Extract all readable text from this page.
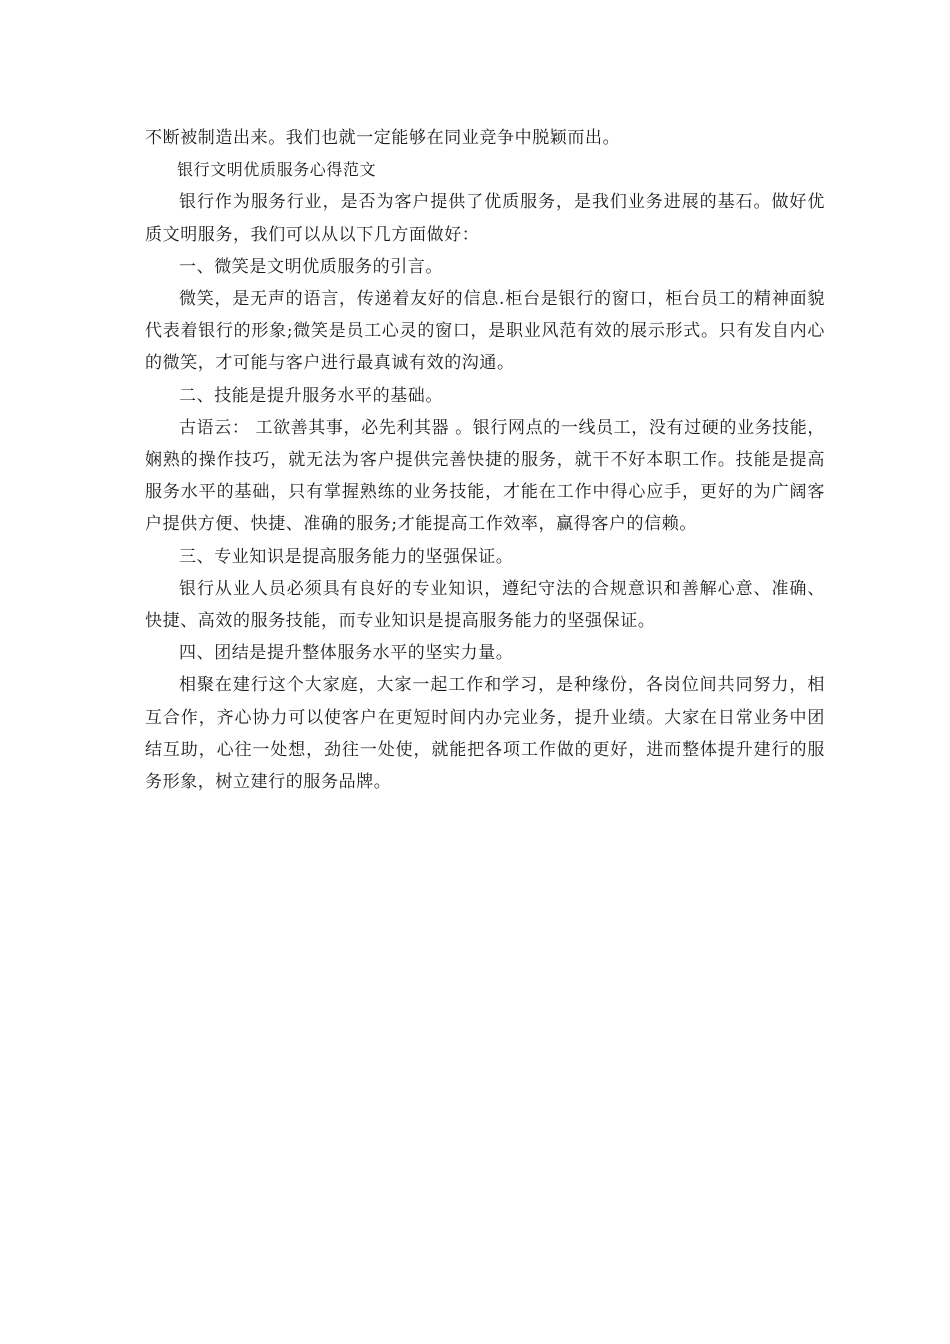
不断被制造出来。我们也就一定能够在同业竞争中脱颖而出。

银行文明优质服务心得范文

银行作为服务行业，是否为客户提供了优质服务，是我们业务进展的基石。做好优质文明服务，我们可以从以下几方面做好：

一、微笑是文明优质服务的引言。

微笑，是无声的语言，传递着友好的信息.柜台是银行的窗口，柜台员工的精神面貌代表着银行的形象;微笑是员工心灵的窗口，是职业风范有效的展示形式。只有发自内心的微笑，才可能与客户进行最真诚有效的沟通。

二、技能是提升服务水平的基础。

古语云： 工欲善其事，必先利其器 。银行网点的一线员工，没有过硬的业务技能，娴熟的操作技巧，就无法为客户提供完善快捷的服务，就干不好本职工作。技能是提高服务水平的基础，只有掌握熟练的业务技能，才能在工作中得心应手，更好的为广阔客户提供方便、快捷、准确的服务;才能提高工作效率，赢得客户的信赖。

三、专业知识是提高服务能力的坚强保证。

银行从业人员必须具有良好的专业知识，遵纪守法的合规意识和善解心意、准确、快捷、高效的服务技能，而专业知识是提高服务能力的坚强保证。

四、团结是提升整体服务水平的坚实力量。

相聚在建行这个大家庭，大家一起工作和学习，是种缘份，各岗位间共同努力，相互合作，齐心协力可以使客户在更短时间内办完业务，提升业绩。大家在日常业务中团结互助，心往一处想，劲往一处使，就能把各项工作做的更好，进而整体提升建行的服务形象，树立建行的服务品牌。
